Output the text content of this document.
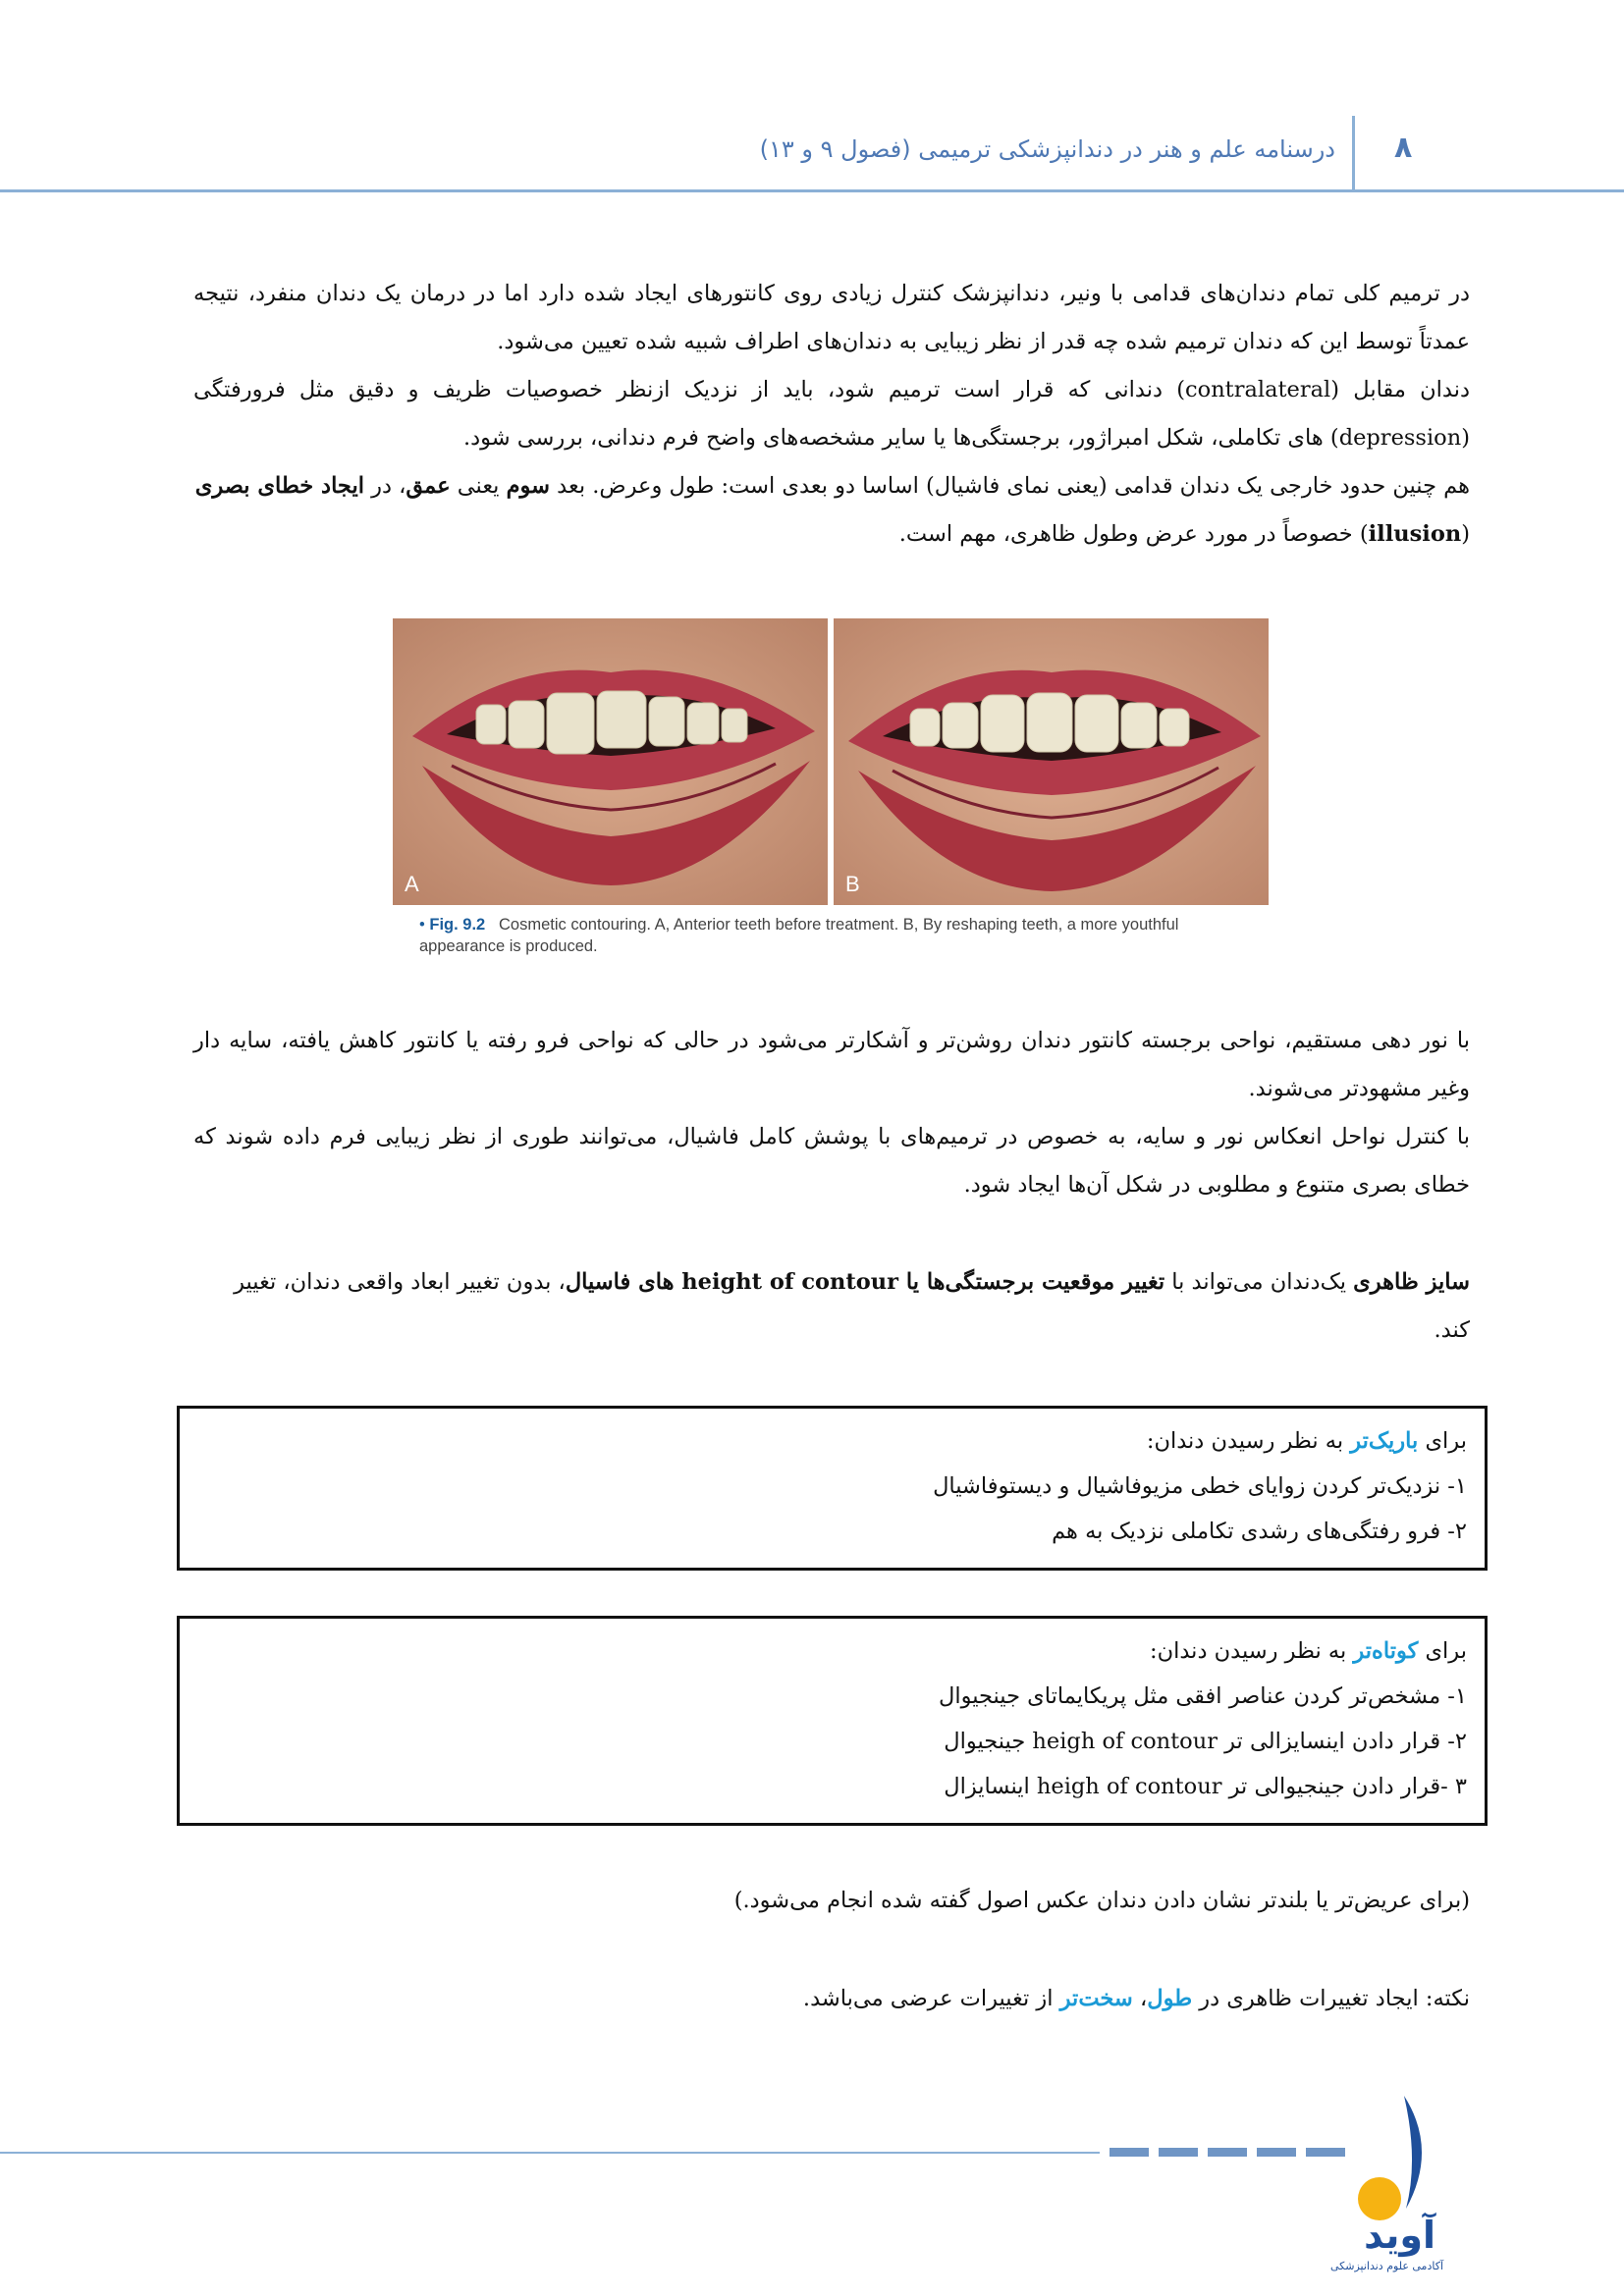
درسنامه علم و هنر در دندانپزشکی ترمیمی (فصول ۹ و ۱۳) ۸

در ترمیم کلی تمام دندان‌های قدامی با ونیر، دندانپزشک کنترل زیادی روی کانتورهای ایجاد شده دارد اما در درمان یک دندان منفرد، نتیجه عمدتاً توسط این که دندان ترمیم شده چه قدر از نظر زیبایی به دندان‌های اطراف شبیه شده تعیین می‌شود.

دندان مقابل (contralateral) دندانی که قرار است ترمیم شود، باید از نزدیک ازنظر خصوصیات ظریف و دقیق مثل فرورفتگی (depression) های تکاملی، شکل امبراژور، برجستگی‌ها یا سایر مشخصه‌های واضح فرم دندانی، بررسی شود.

هم چنین حدود خارجی یک دندان قدامی (یعنی نمای فاشیال) اساسا دو بعدی است: طول وعرض. بعد سوم یعنی عمق، در ایجاد خطای بصری (illusion) خصوصاً در مورد عرض وطول ظاهری، مهم است.

A	B
• Fig. 9.2 Cosmetic contouring. A, Anterior teeth before treatment. B, By reshaping teeth, a more youthful appearance is produced.

با نور دهی مستقیم، نواحی برجسته کانتور دندان روشن‌تر و آشکارتر می‌شود در حالی که نواحی فرو رفته یا کانتور کاهش یافته، سایه دار وغیر مشهودتر می‌شوند.

با کنترل نواحل انعکاس نور و سایه، به خصوص در ترمیم‌های با پوشش کامل فاشیال، می‌توانند طوری از نظر زیبایی فرم داده شوند که خطای بصری متنوع و مطلوبی در شکل آن‌ها ایجاد شود.

سایز ظاهری یک‌دندان می‌تواند با تغییر موقعیت برجستگی‌ها یا height of contour های فاسیال، بدون تغییر ابعاد واقعی دندان، تغییر کند.

برای باریک‌تر به نظر رسیدن دندان:

۱- نزدیک‌تر کردن زوایای خطی مزیوفاشیال و دیستوفاشیال

۲- فرو رفتگی‌های رشدی تکاملی نزدیک به هم

برای کوتاه‌تر به نظر رسیدن دندان:

۱- مشخص‌تر کردن عناصر افقی مثل پریکایماتای جینجیوال

۲- قرار دادن اینسایزالی تر heigh of contour جینجیوال

۳ -قرار دادن جینجیوالی تر heigh of contour اینسایزال

(برای عریض‌تر یا بلندتر نشان دادن دندان عکس اصول گفته شده انجام می‌شود.)

نکته: ایجاد تغییرات ظاهری در طول، سخت‌تر از تغییرات عرضی می‌باشد.

آوید
آکادمی علوم دندانپزشکی
